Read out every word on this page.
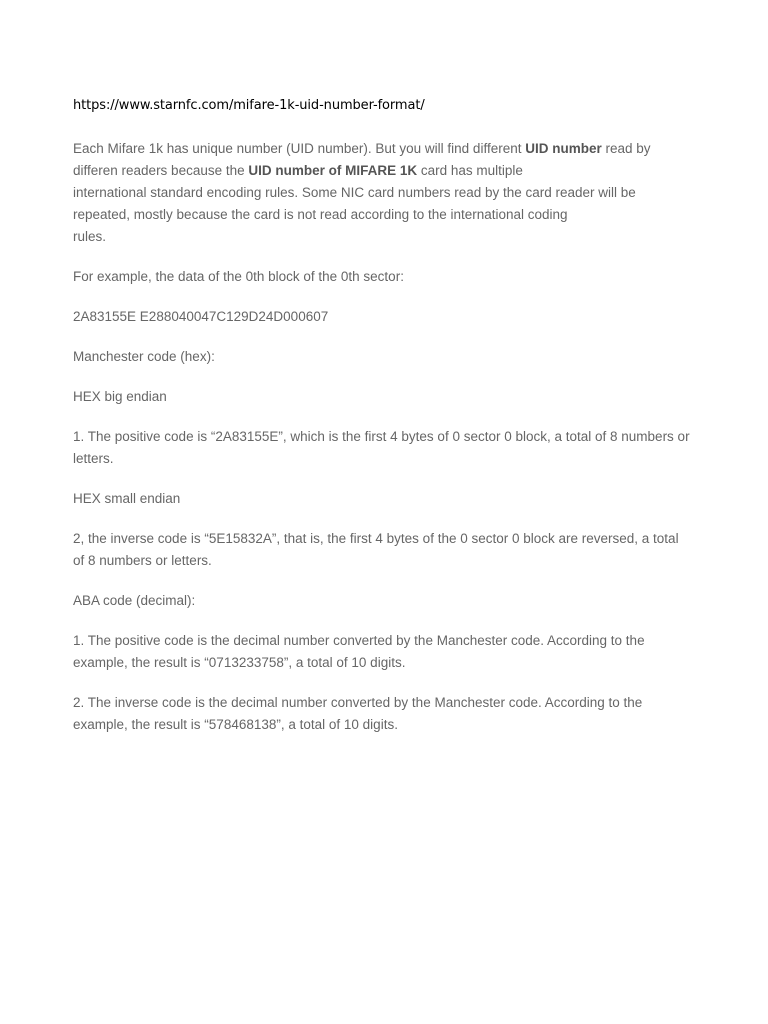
https://www.starnfc.com/mifare-1k-uid-number-format/
Each Mifare 1k has unique number (UID number). But you will find different UID number read by
differen readers because the UID number of MIFARE 1K card has multiple
international standard encoding rules. Some NIC card numbers read by the card reader will be
repeated, mostly because the card is not read according to the international coding
rules.
For example, the data of the 0th block of the 0th sector:
2A83155E E288040047C129D24D000607
Manchester code (hex):
HEX big endian
1. The positive code is “2A83155E”, which is the first 4 bytes of 0 sector 0 block, a total of 8 numbers or
letters.
HEX small endian
2, the inverse code is “5E15832A”, that is, the first 4 bytes of the 0 sector 0 block are reversed, a total
of 8 numbers or letters.
ABA code (decimal):
1. The positive code is the decimal number converted by the Manchester code. According to the
example, the result is “0713233758”, a total of 10 digits.
2. The inverse code is the decimal number converted by the Manchester code. According to the
example, the result is “578468138”, a total of 10 digits.
